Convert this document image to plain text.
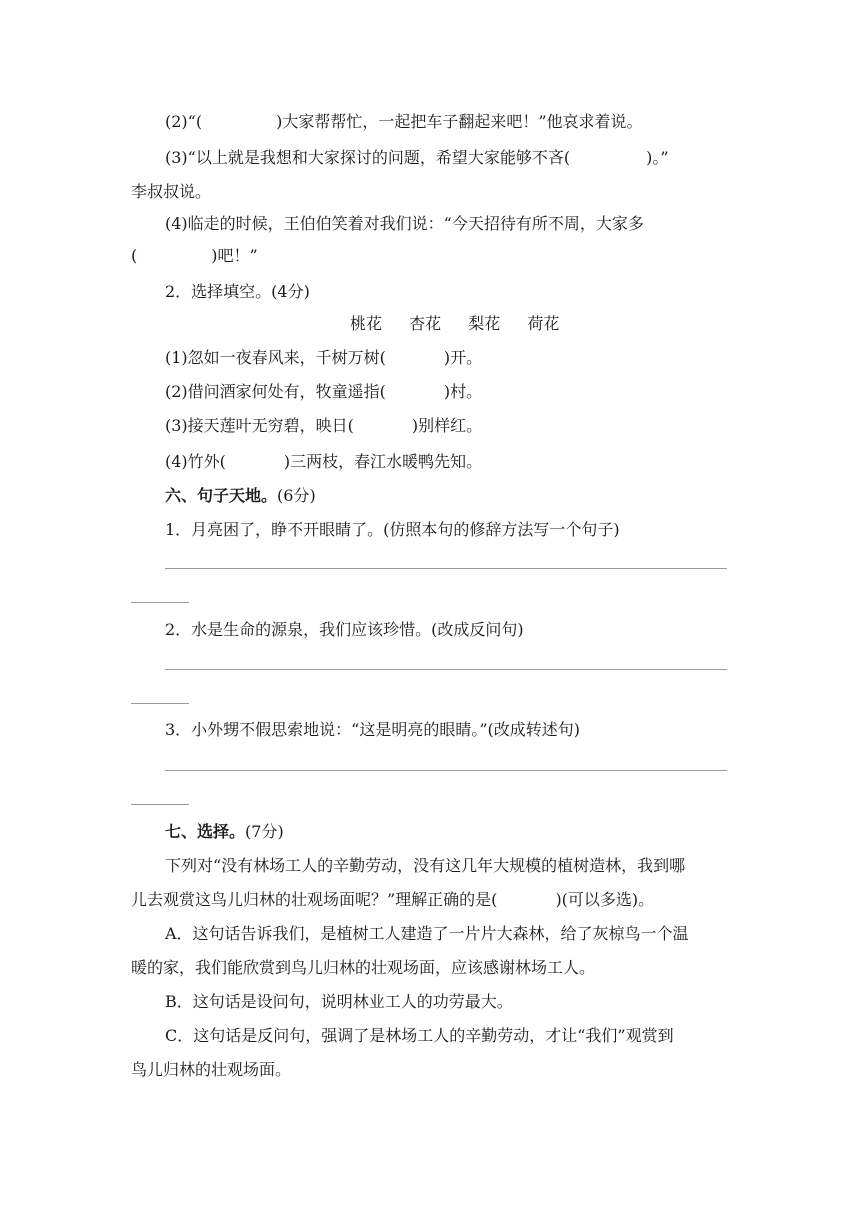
(2)“(	)大家帮帮忙，一起把车子翻起来吧！”他哀求着说。
(3)“以上就是我想和大家探讨的问题，希望大家能够不吝(	)。”
李叔叔说。
(4)临走的时候，王伯伯笑着对我们说：“今天招待有所不周，大家多
(	)吧！”
2．选择填空。(4分)
桃花 杏花 梨花 荷花
(1)忽如一夜春风来，千树万树(	)开。
(2)借问酒家何处有，牧童遥指(	)村。
(3)接天莲叶无穷碧，映日(	)别样红。
(4)竹外(	)三两枝，春江水暖鸭先知。
六、句子天地。(6分)
1．月亮困了，睁不开眼睛了。(仿照本句的修辞方法写一个句子)
2．水是生命的源泉，我们应该珍惜。(改成反问句)
3．小外甥不假思索地说：“这是明亮的眼睛。”(改成转述句)
七、选择。(7分)
下列对“没有林场工人的辛勤劳动，没有这几年大规模的植树造林，我到哪
儿去观赏这鸟儿归林的壮观场面呢？”理解正确的是(	)(可以多选)。
A．这句话告诉我们，是植树工人建造了一片片大森林，给了灰椋鸟一个温
暖的家，我们能欣赏到鸟儿归林的壮观场面，应该感谢林场工人。
B．这句话是设问句，说明林业工人的功劳最大。
C．这句话是反问句，强调了是林场工人的辛勤劳动，才让“我们”观赏到
鸟儿归林的壮观场面。
